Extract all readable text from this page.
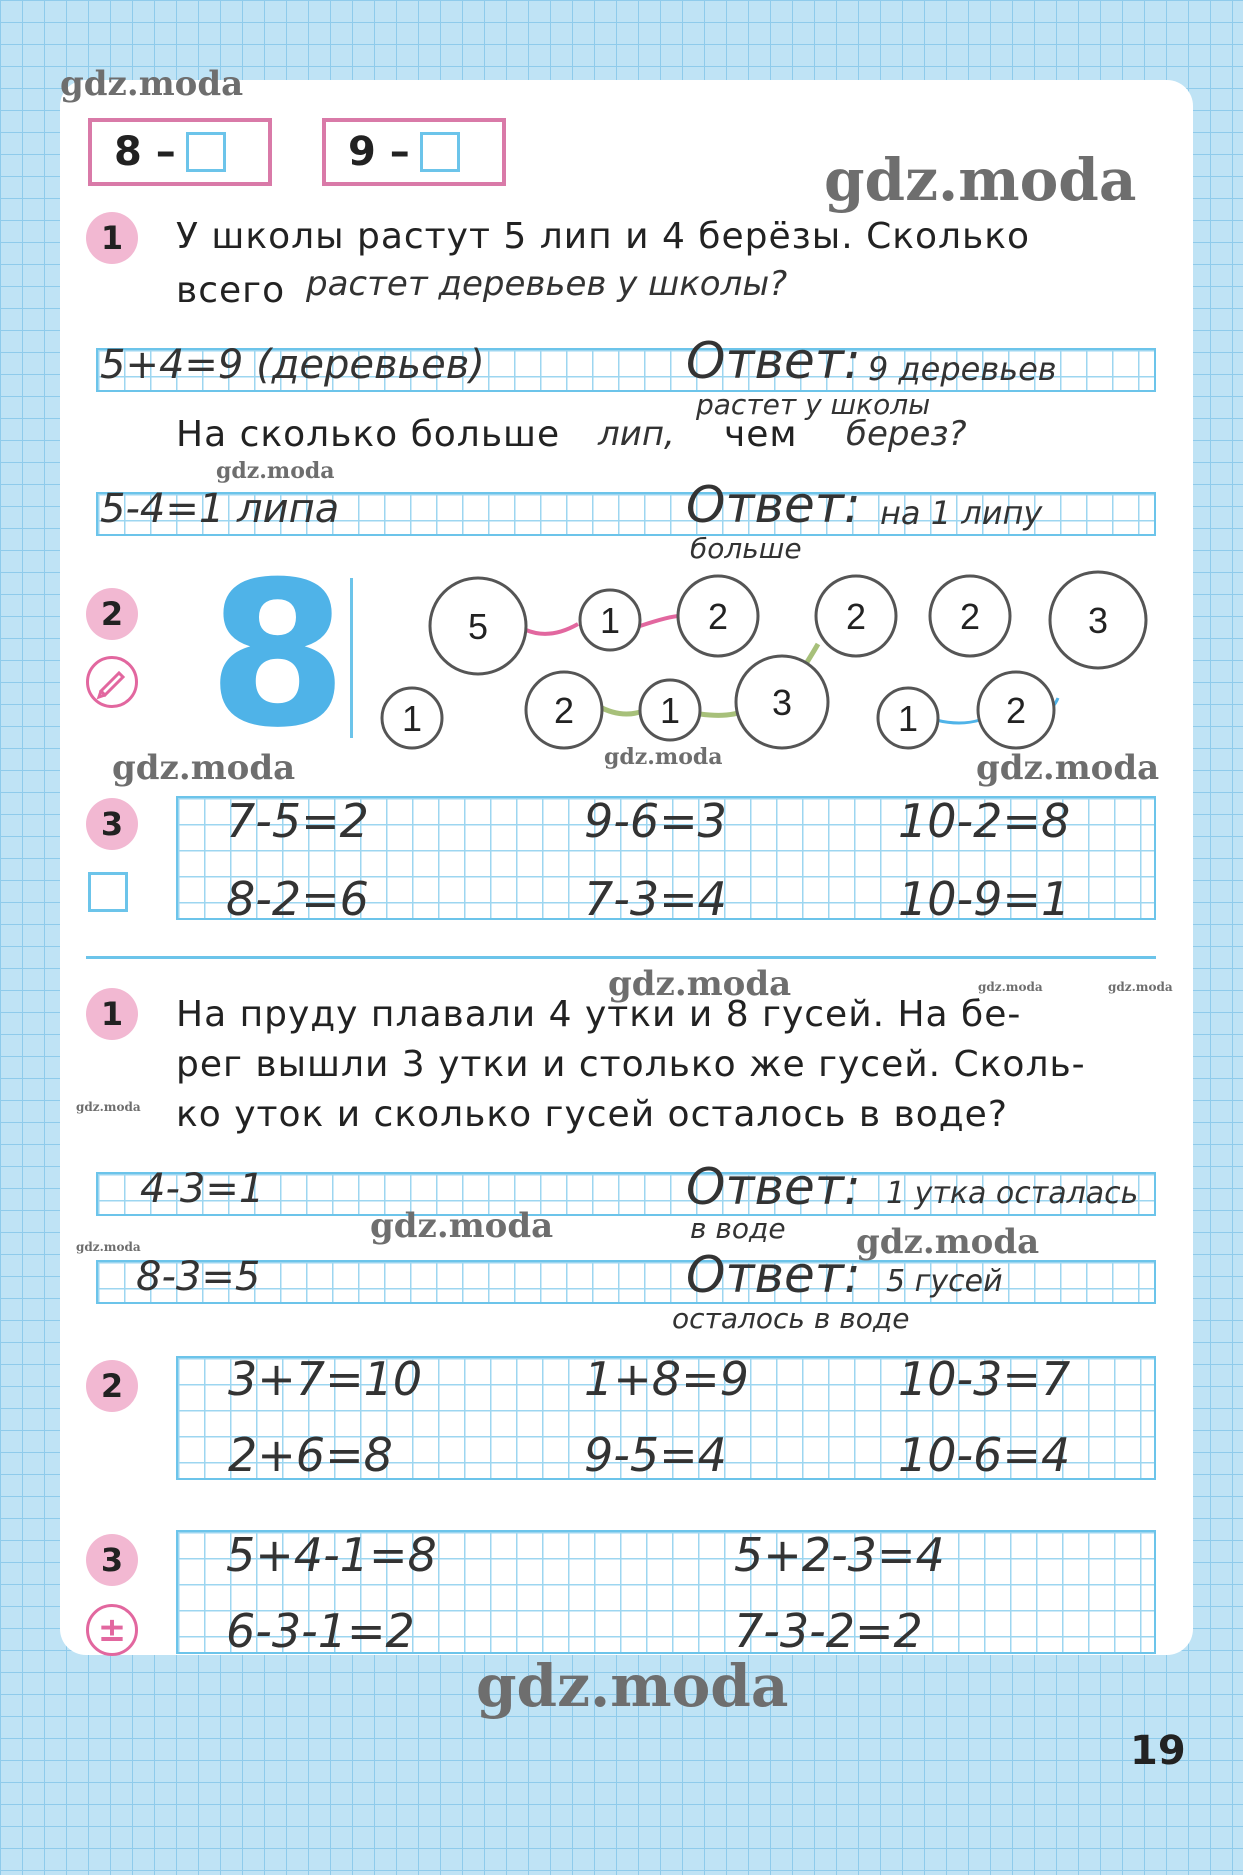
8 –	9 –
1	У школы растут 5 лип и 4 берёзы. Сколько
всего растет деревьев у школы?
5+4=9 (деревьев)	Ответ: 9 деревьев
растет у школы
На сколько больше лип, чем берез?
5-4=1 липа	Ответ: на 1 липу
больше
2 8	5	1 2	2	2	3
1	2 1	3	1 2
3	7-5=2	9-6=3	10-2=8
8-2=6	7-3=4	10-9=1
1	На пруду плавали 4 утки и 8 гусей. На бе-
рег вышли 3 утки и столько же гусей. Сколь-
ко уток и сколько гусей осталось в воде?
4-3=1	Ответ: 1 утка осталась
в воде
8-3=5	Ответ: 5 гусей
осталось в воде
2	3+7=10	1+8=9	10-3=7
2+6=8	9-5=4	10-6=4
3
±
5+4-1=8	5+2-3=4
6-3-1=2	7-3-2=2
19
gdz.moda
gdz.moda
gdz.moda
gdz.moda	gdz.moda	gdz.moda
gdz.moda	gdz.moda	gdz.moda
gdz.moda
gdz.moda
gdz.moda	gdz.moda
gdz.moda
